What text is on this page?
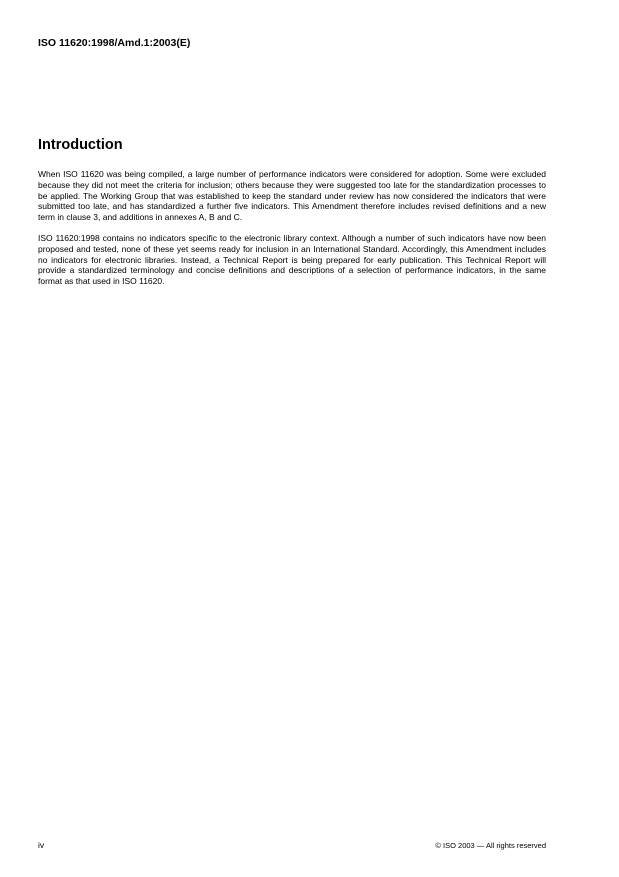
ISO 11620:1998/Amd.1:2003(E)
Introduction

When ISO 11620 was being compiled, a large number of performance indicators were considered for adoption. Some were excluded because they did not meet the criteria for inclusion; others because they were suggested too late for the standardization processes to be applied. The Working Group that was established to keep the standard under review has now considered the indicators that were submitted too late, and has standardized a further five indicators. This Amendment therefore includes revised definitions and a new term in clause 3, and additions in annexes A, B and C.

ISO 11620:1998 contains no indicators specific to the electronic library context. Although a number of such indicators have now been proposed and tested, none of these yet seems ready for inclusion in an International Standard. Accordingly, this Amendment includes no indicators for electronic libraries. Instead, a Technical Report is being prepared for early publication. This Technical Report will provide a standardized terminology and concise definitions and descriptions of a selection of performance indicators, in the same format as that used in ISO 11620.

iv	© ISO 2003 — All rights reserved
